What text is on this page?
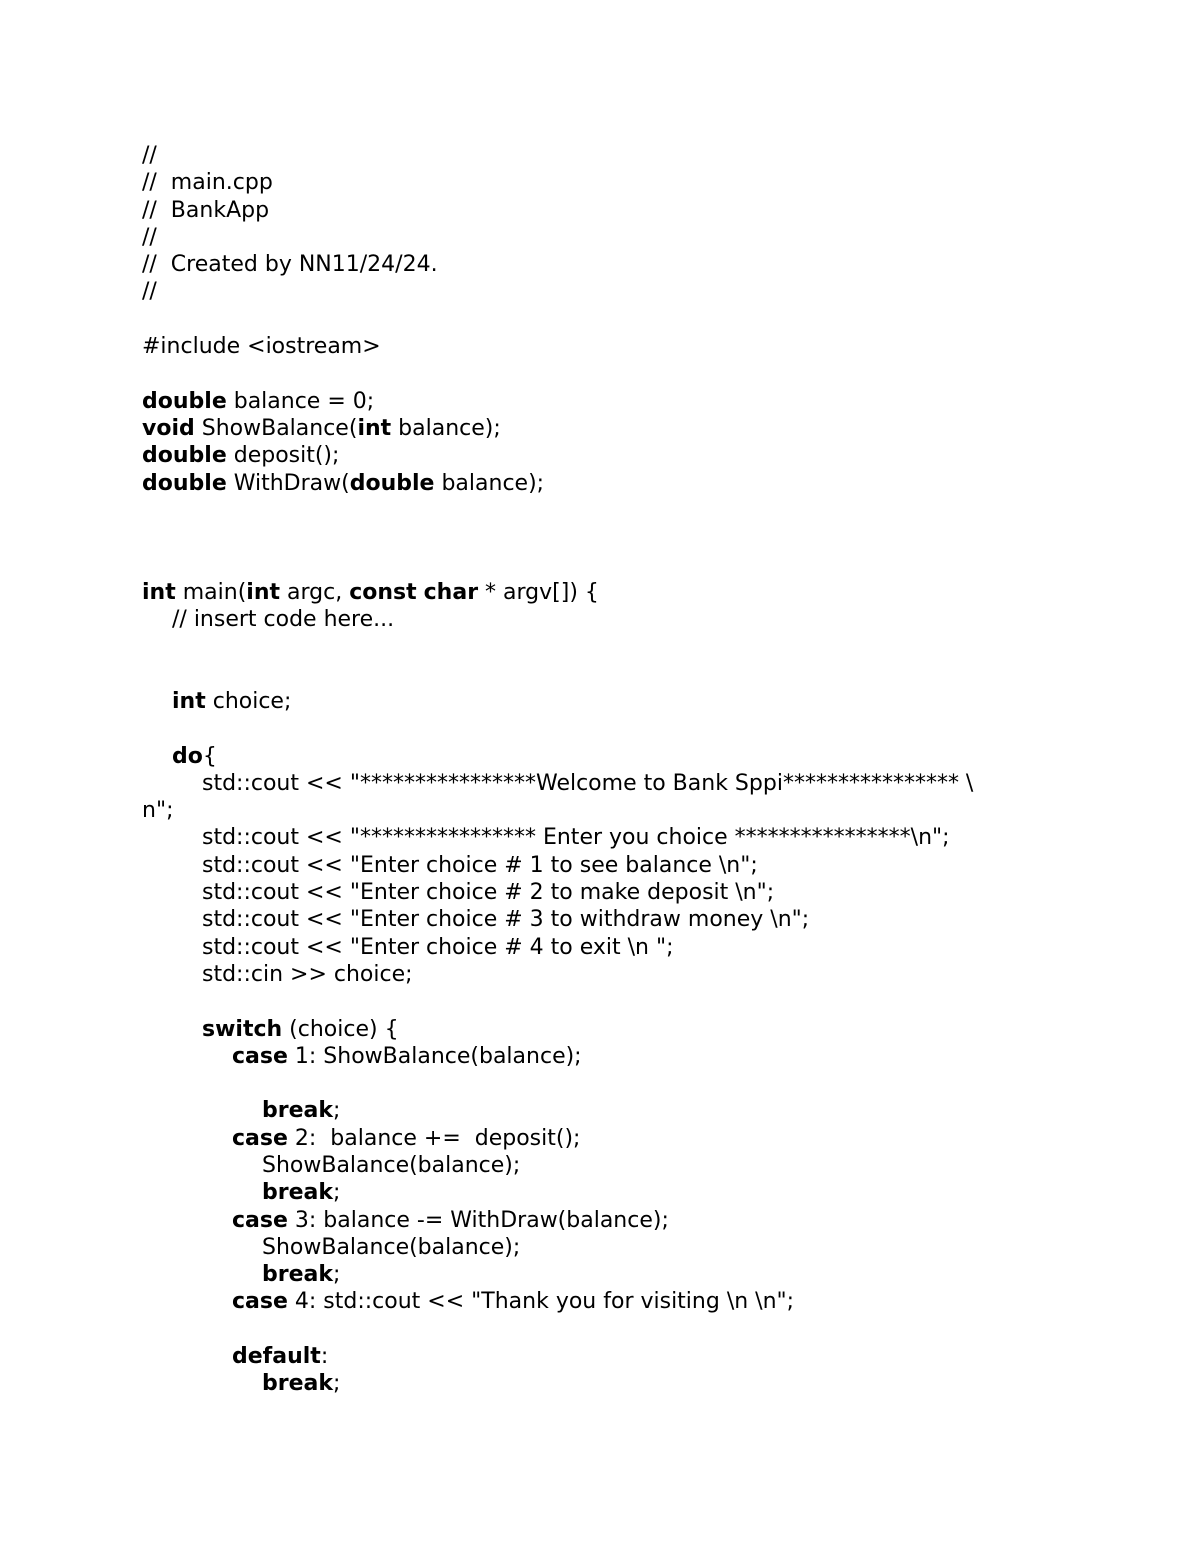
//
//  main.cpp
//  BankApp
//
//  Created by NN11/24/24.
//
#include <iostream>
double balance = 0;
void ShowBalance(int balance);
double deposit();
double WithDraw(double balance);
int main(int argc, const char * argv[]) {
// insert code here...
int choice;
do{
std::cout << "****************Welcome to Bank Sppi**************** \
n";
std::cout << "**************** Enter you choice ****************\n";
std::cout << "Enter choice # 1 to see balance \n";
std::cout << "Enter choice # 2 to make deposit \n";
std::cout << "Enter choice # 3 to withdraw money \n";
std::cout << "Enter choice # 4 to exit \n ";
std::cin >> choice;
switch (choice) {
case 1: ShowBalance(balance);
break;
case 2:  balance +=  deposit();
ShowBalance(balance);
break;
case 3: balance -= WithDraw(balance);
ShowBalance(balance);
break;
case 4: std::cout << "Thank you for visiting \n \n";
default:
break;
